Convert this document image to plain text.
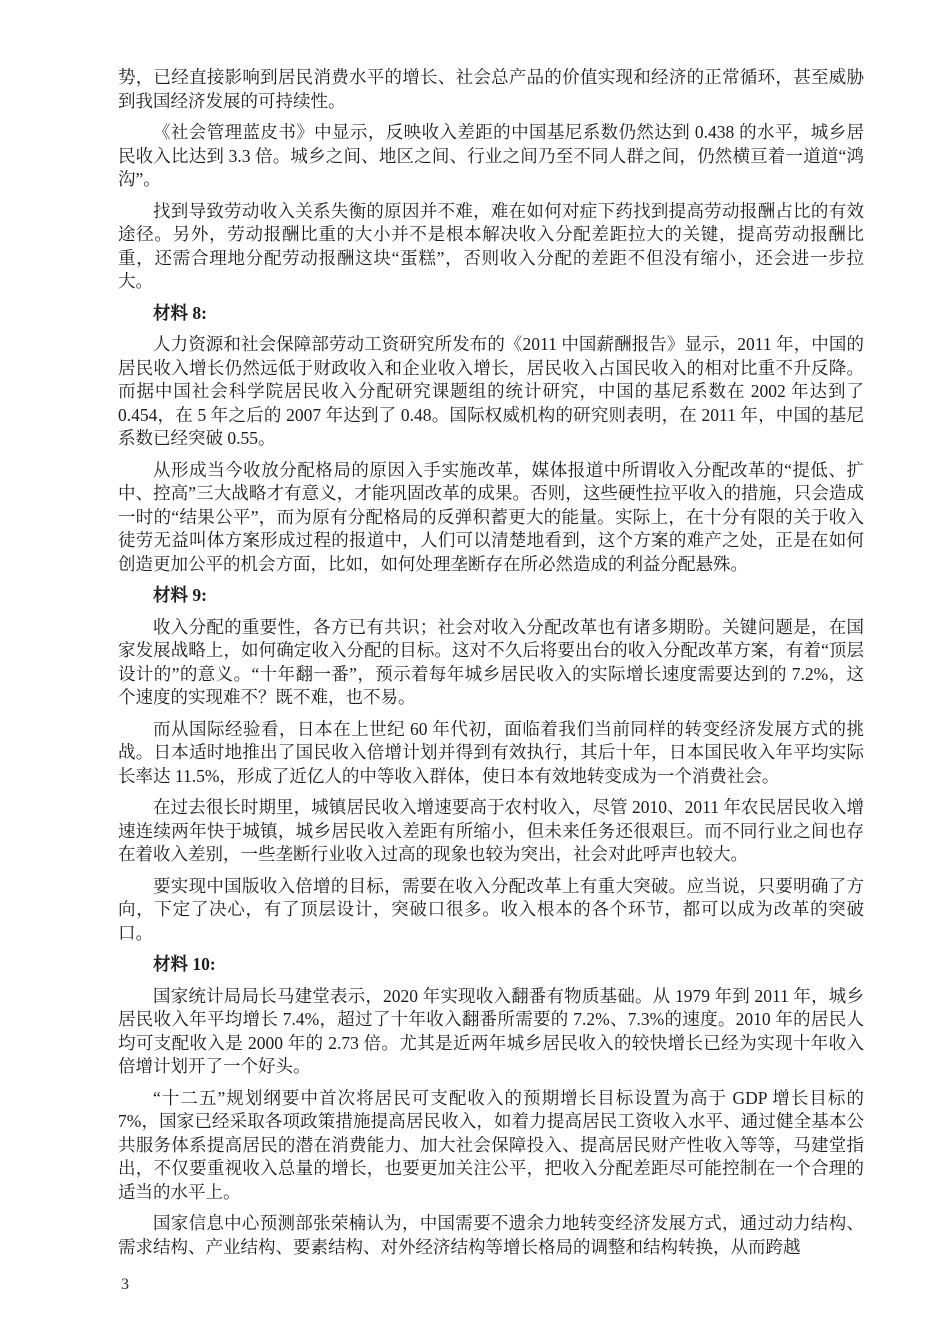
势，已经直接影响到居民消费水平的增长、社会总产品的价值实现和经济的正常循环，甚至威胁到我国经济发展的可持续性。

《社会管理蓝皮书》中显示，反映收入差距的中国基尼系数仍然达到 0.438 的水平，城乡居民收入比达到 3.3 倍。城乡之间、地区之间、行业之间乃至不同人群之间，仍然横亘着一道道“鸿沟”。

找到导致劳动收入关系失衡的原因并不难，难在如何对症下药找到提高劳动报酬占比的有效途径。另外，劳动报酬比重的大小并不是根本解决收入分配差距拉大的关键，提高劳动报酬比重，还需合理地分配劳动报酬这块“蛋糕”，否则收入分配的差距不但没有缩小，还会进一步拉大。

材料 8:

人力资源和社会保障部劳动工资研究所发布的《2011 中国薪酬报告》显示，2011 年，中国的居民收入增长仍然远低于财政收入和企业收入增长，居民收入占国民收入的相对比重不升反降。而据中国社会科学院居民收入分配研究课题组的统计研究，中国的基尼系数在 2002 年达到了 0.454，在 5 年之后的 2007 年达到了 0.48。国际权威机构的研究则表明，在 2011 年，中国的基尼系数已经突破 0.55。

从形成当今收放分配格局的原因入手实施改革，媒体报道中所谓收入分配改革的“提低、扩中、控高”三大战略才有意义，才能巩固改革的成果。否则，这些硬性拉平收入的措施，只会造成一时的“结果公平”，而为原有分配格局的反弹积蓄更大的能量。实际上，在十分有限的关于收入徒劳无益叫体方案形成过程的报道中，人们可以清楚地看到，这个方案的难产之处，正是在如何创造更加公平的机会方面，比如，如何处理垄断存在所必然造成的利益分配悬殊。

材料 9:

收入分配的重要性，各方已有共识；社会对收入分配改革也有诸多期盼。关键问题是，在国家发展战略上，如何确定收入分配的目标。这对不久后将要出台的收入分配改革方案，有着“顶层设计的”的意义。“十年翻一番”，预示着每年城乡居民收入的实际增长速度需要达到的 7.2%，这个速度的实现难不？既不难，也不易。

而从国际经验看，日本在上世纪 60 年代初，面临着我们当前同样的转变经济发展方式的挑战。日本适时地推出了国民收入倍增计划并得到有效执行，其后十年，日本国民收入年平均实际长率达 11.5%，形成了近亿人的中等收入群体，使日本有效地转变成为一个消费社会。

在过去很长时期里，城镇居民收入增速要高于农村收入，尽管 2010、2011 年农民居民收入增速连续两年快于城镇，城乡居民收入差距有所缩小，但未来任务还很艰巨。而不同行业之间也存在着收入差别，一些垄断行业收入过高的现象也较为突出，社会对此呼声也较大。

要实现中国版收入倍增的目标，需要在收入分配改革上有重大突破。应当说，只要明确了方向，下定了决心，有了顶层设计，突破口很多。收入根本的各个环节，都可以成为改革的突破口。

材料 10:

国家统计局局长马建堂表示，2020 年实现收入翻番有物质基础。从 1979 年到 2011 年，城乡居民收入年平均增长 7.4%，超过了十年收入翻番所需要的 7.2%、7.3%的速度。2010 年的居民人均可支配收入是 2000 年的 2.73 倍。尤其是近两年城乡居民收入的较快增长已经为实现十年收入倍增计划开了一个好头。

“十二五”规划纲要中首次将居民可支配收入的预期增长目标设置为高于 GDP 增长目标的 7%，国家已经采取各项政策措施提高居民收入，如着力提高居民工资收入水平、通过健全基本公共服务体系提高居民的潜在消费能力、加大社会保障投入、提高居民财产性收入等等，马建堂指出，不仅要重视收入总量的增长，也要更加关注公平，把收入分配差距尽可能控制在一个合理的适当的水平上。

国家信息中心预测部张荣楠认为，中国需要不遗余力地转变经济发展方式，通过动力结构、需求结构、产业结构、要素结构、对外经济结构等增长格局的调整和结构转换，从而跨越

3
